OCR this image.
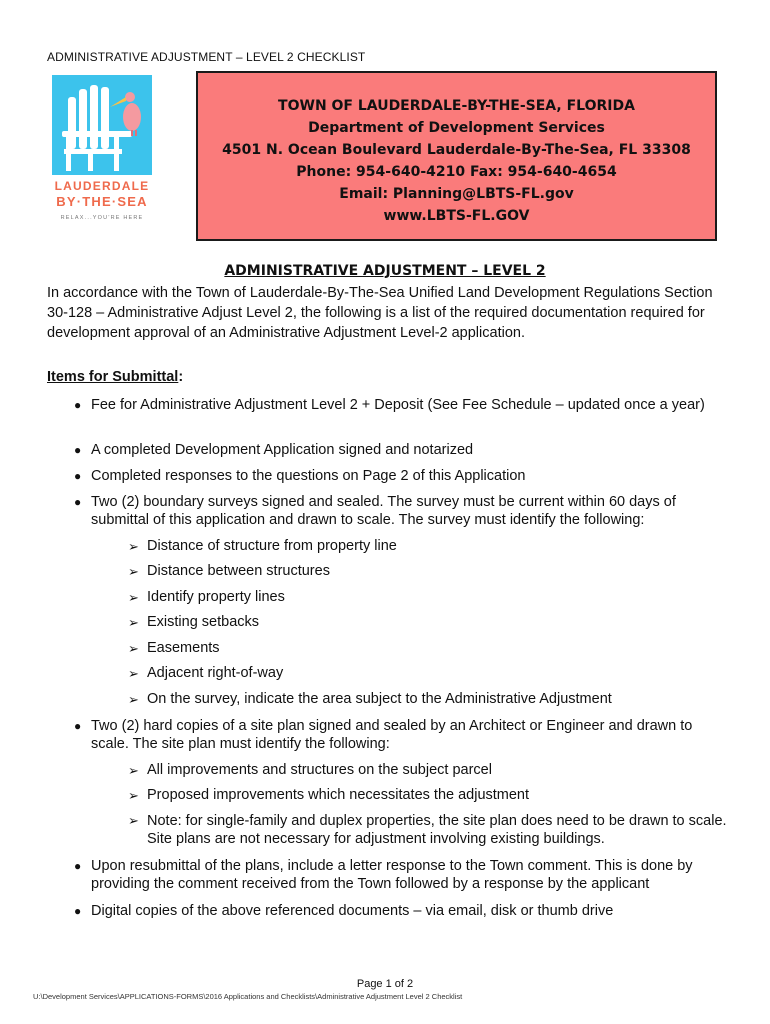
ADMINISTRATIVE ADJUSTMENT – LEVEL 2 CHECKLIST
LAUDERDALE
BY·THE·SEA
RELAX...YOU'RE HERE
TOWN OF LAUDERDALE-BY-THE-SEA, FLORIDA
Department of Development Services
4501 N. Ocean Boulevard Lauderdale-By-The-Sea, FL 33308
Phone: 954-640-4210 Fax: 954-640-4654
Email: Planning@LBTS-FL.gov
www.LBTS-FL.GOV
ADMINISTRATIVE ADJUSTMENT – LEVEL 2
In accordance with the Town of Lauderdale-By-The-Sea Unified Land Development Regulations Section 30-128 – Administrative Adjust Level 2, the following is a list of the required documentation required for development approval of an Administrative Adjustment Level-2 application.
Items for Submittal:
● Fee for Administrative Adjustment Level 2 + Deposit (See Fee Schedule – updated once a year)
● A completed Development Application signed and notarized
● Completed responses to the questions on Page 2 of this Application
● Two (2) boundary surveys signed and sealed. The survey must be current within 60 days of submittal of this application and drawn to scale. The survey must identify the following:
➢ Distance of structure from property line
➢ Distance between structures
➢ Identify property lines
➢ Existing setbacks
➢ Easements
➢ Adjacent right-of-way
➢ On the survey, indicate the area subject to the Administrative Adjustment
● Two (2) hard copies of a site plan signed and sealed by an Architect or Engineer and drawn to scale. The site plan must identify the following:
➢ All improvements and structures on the subject parcel
➢ Proposed improvements which necessitates the adjustment
➢ Note: for single-family and duplex properties, the site plan does need to be drawn to scale. Site plans are not necessary for adjustment involving existing buildings.
● Upon resubmittal of the plans, include a letter response to the Town comment. This is done by providing the comment received from the Town followed by a response by the applicant
● Digital copies of the above referenced documents – via email, disk or thumb drive
Page 1 of 2
U:\Development Services\APPLICATIONS-FORMS\2016 Applications and Checklists\Administrative Adjustment Level 2 Checklist
